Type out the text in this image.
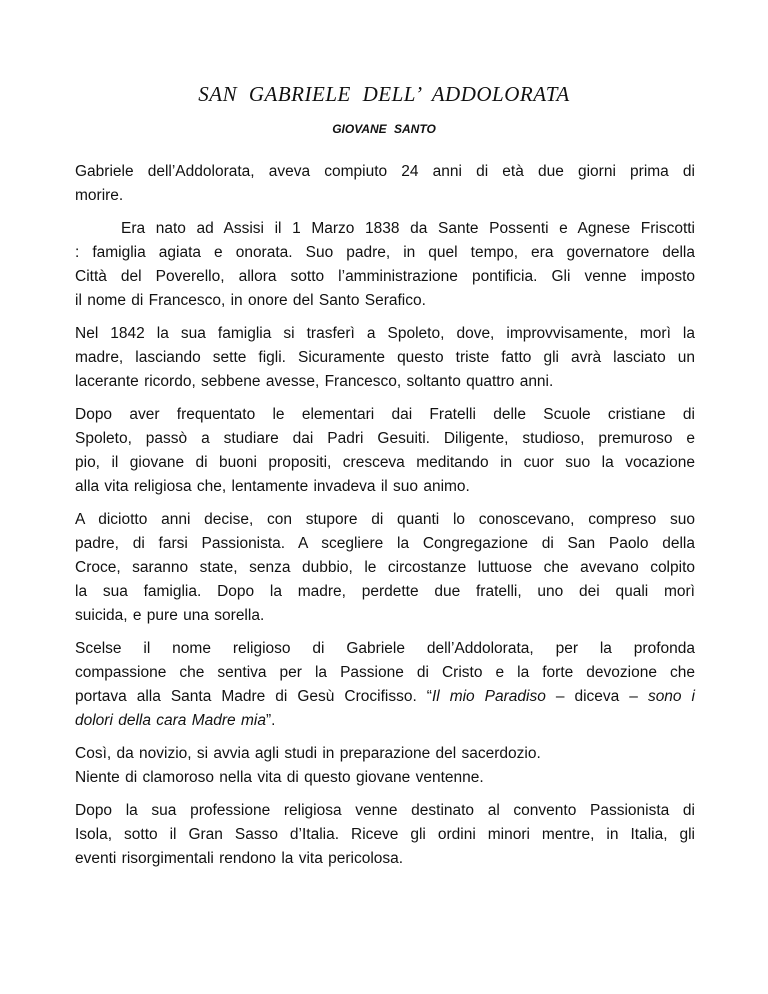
SAN GABRIELE DELL’ ADDOLORATA
GIOVANE SANTO

Gabriele dell’Addolorata, aveva compiuto 24 anni di età due giorni prima di
morire.

Era nato ad Assisi il 1 Marzo 1838 da Sante Possenti e Agnese Friscotti
: famiglia agiata e onorata. Suo padre, in quel tempo, era governatore della
Città del Poverello, allora sotto l’amministrazione pontificia. Gli venne imposto
il nome di Francesco, in onore del Santo Serafico.

Nel 1842 la sua famiglia si trasferì a Spoleto, dove, improvvisamente, morì la
madre, lasciando sette figli. Sicuramente questo triste fatto gli avrà lasciato un
lacerante ricordo, sebbene avesse, Francesco, soltanto quattro anni.

Dopo aver frequentato le elementari dai Fratelli delle Scuole cristiane di
Spoleto, passò a studiare dai Padri Gesuiti. Diligente, studioso, premuroso e
pio, il giovane di buoni propositi, cresceva meditando in cuor suo la vocazione
alla vita religiosa che, lentamente invadeva il suo animo.

A diciotto anni decise, con stupore di quanti lo conoscevano, compreso suo
padre, di farsi Passionista. A scegliere la Congregazione di San Paolo della
Croce, saranno state, senza dubbio, le circostanze luttuose che avevano colpito
la sua famiglia. Dopo la madre, perdette due fratelli, uno dei quali morì
suicida, e pure una sorella.

Scelse il nome religioso di Gabriele dell’Addolorata, per la profonda
compassione che sentiva per la Passione di Cristo e la forte devozione che
portava alla Santa Madre di Gesù Crocifisso. “Il mio Paradiso – diceva – sono i
dolori della cara Madre mia”.

Così, da novizio, si avvia agli studi in preparazione del sacerdozio.
Niente di clamoroso nella vita di questo giovane ventenne.

Dopo la sua professione religiosa venne destinato al convento Passionista di
Isola, sotto il Gran Sasso d’Italia. Riceve gli ordini minori mentre, in Italia, gli
eventi risorgimentali rendono la vita pericolosa.
